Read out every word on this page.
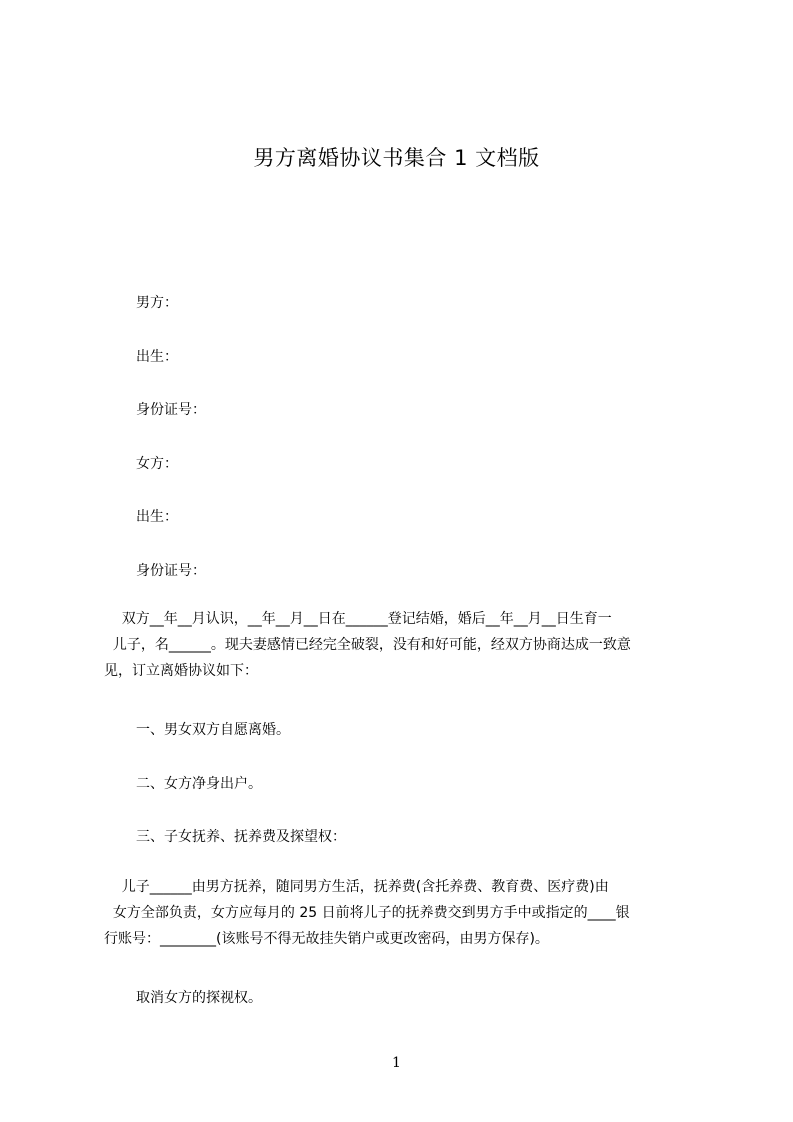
男方离婚协议书集合 1 文档版
男方：
出生：
身份证号：
女方：
出生：
身份证号：
双方__年__月认识，__年__月__日在______登记结婚，婚后__年__月__日生育一
儿子，名______。现夫妻感情已经完全破裂，没有和好可能，经双方协商达成一致意
见，订立离婚协议如下：
一、男女双方自愿离婚。
二、女方净身出户。
三、子女抚养、抚养费及探望权：
儿子______由男方抚养，随同男方生活，抚养费(含托养费、教育费、医疗费)由
女方全部负责，女方应每月的 25 日前将儿子的抚养费交到男方手中或指定的____银
行账号：________(该账号不得无故挂失销户或更改密码，由男方保存)。
取消女方的探视权。
1
